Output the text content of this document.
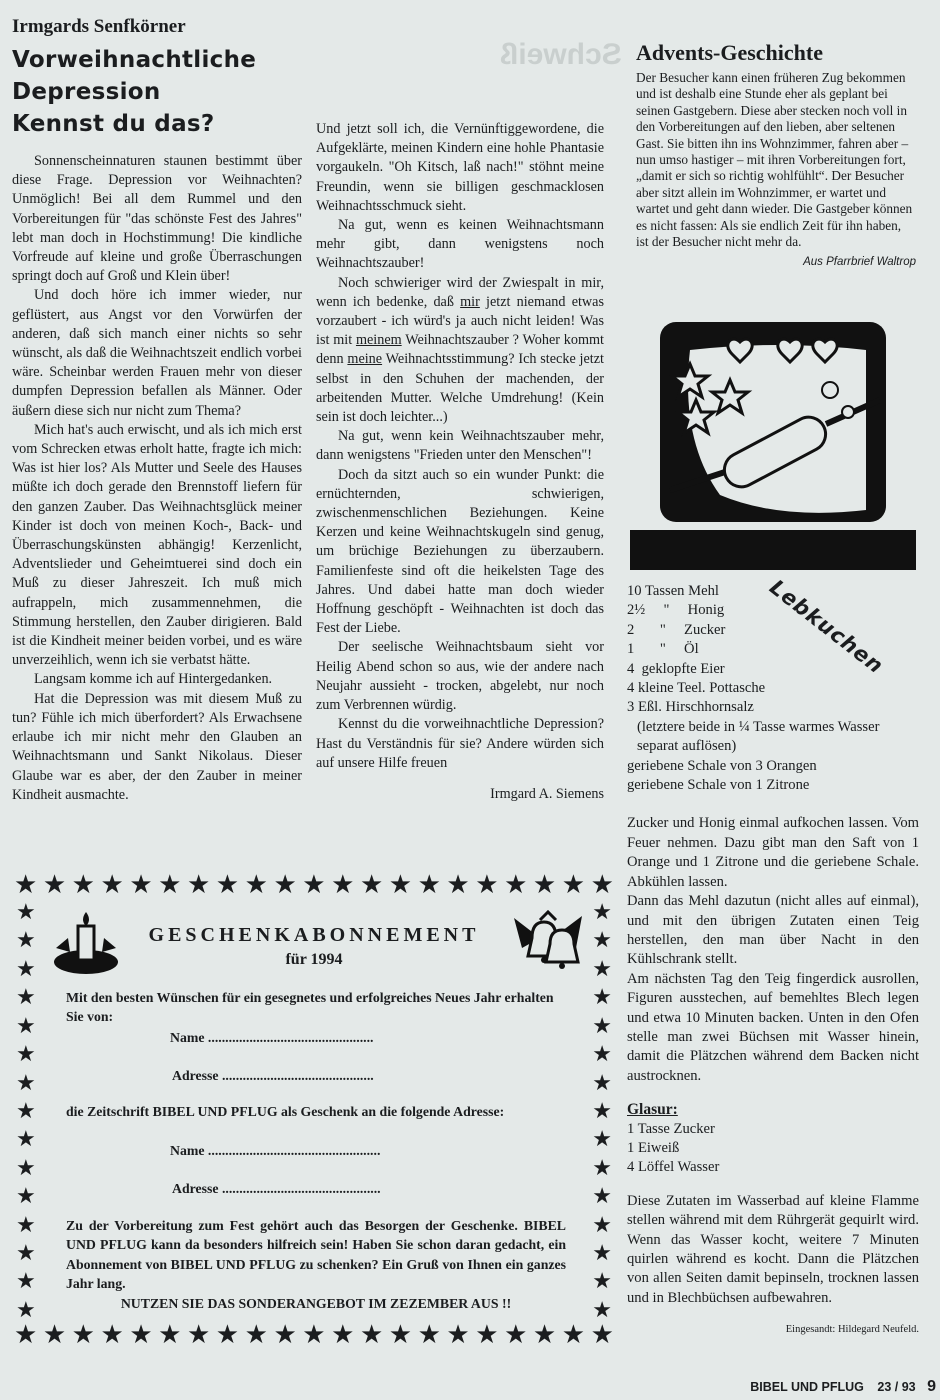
Schweiß
Irmgards Senfkörner
Vorweihnachtliche Depression
Kennst du das?

Sonnenscheinnaturen staunen bestimmt über diese Frage. Depression vor Weihnachten? Unmöglich! Bei all dem Rummel und den Vorbereitungen für "das schönste Fest des Jahres" lebt man doch in Hochstimmung! Die kindliche Vorfreude auf kleine und große Überraschungen springt doch auf Groß und Klein über!

Und doch höre ich immer wieder, nur geflüstert, aus Angst vor den Vorwürfen der anderen, daß sich manch einer nichts so sehr wünscht, als daß die Weihnachtszeit endlich vorbei wäre. Scheinbar werden Frauen mehr von dieser dumpfen Depression befallen als Männer. Oder äußern diese sich nur nicht zum Thema?

Mich hat's auch erwischt, und als ich mich erst vom Schrecken etwas erholt hatte, fragte ich mich: Was ist hier los? Als Mutter und Seele des Hauses müßte ich doch gerade den Brennstoff liefern für den ganzen Zauber. Das Weihnachtsglück meiner Kinder ist doch von meinen Koch-, Back- und Überraschungskünsten abhängig! Kerzenlicht, Adventslieder und Geheimtuerei sind doch ein Muß zu dieser Jahreszeit. Ich muß mich aufrappeln, mich zusammennehmen, die Stimmung herstellen, den Zauber dirigieren. Bald ist die Kindheit meiner beiden vorbei, und es wäre unverzeihlich, wenn ich sie verbatst hätte.

Langsam komme ich auf Hintergedanken.

Hat die Depression was mit diesem Muß zu tun? Fühle ich mich überfordert? Als Erwachsene erlaube ich mir nicht mehr den Glauben an Weihnachtsmann und Sankt Nikolaus. Dieser Glaube war es aber, der den Zauber in meiner Kindheit ausmachte.

Und jetzt soll ich, die Vernünftiggewordene, die Aufgeklärte, meinen Kindern eine hohle Phantasie vorgaukeln. "Oh Kitsch, laß nach!" stöhnt meine Freundin, wenn sie billigen geschmacklosen Weihnachtsschmuck sieht.

Na gut, wenn es keinen Weihnachtsmann mehr gibt, dann wenigstens noch Weihnachtszauber!

Noch schwieriger wird der Zwiespalt in mir, wenn ich bedenke, daß mir jetzt niemand etwas vorzaubert - ich würd's ja auch nicht leiden! Was ist mit meinem Weihnachtszauber ? Woher kommt denn meine Weihnachtsstimmung? Ich stecke jetzt selbst in den Schuhen der machenden, der arbeitenden Mutter. Welche Umdrehung! (Kein sein ist doch leichter...)

Na gut, wenn kein Weihnachtszauber mehr, dann wenigstens "Frieden unter den Menschen"!

Doch da sitzt auch so ein wunder Punkt: die ernüchternden, schwierigen, zwischenmenschlichen Beziehungen. Keine Kerzen und keine Weihnachtskugeln sind genug, um brüchige Beziehungen zu überzaubern. Familienfeste sind oft die heikelsten Tage des Jahres. Und dabei hatte man doch wieder Hoffnung geschöpft - Weihnachten ist doch das Fest der Liebe.

Der seelische Weihnachtsbaum sieht vor Heilig Abend schon so aus, wie der andere nach Neujahr aussieht - trocken, abgelebt, nur noch zum Verbrennen würdig.

Kennst du die vorweihnachtliche Depression? Hast du Verständnis für sie? Andere würden sich auf unsere Hilfe freuen

Irmgard A. Siemens

Advents-Geschichte

Der Besucher kann einen früheren Zug bekommen und ist deshalb eine Stunde eher als geplant bei seinen Gastgebern. Diese aber stecken noch voll in den Vorbereitungen auf den lieben, aber seltenen Gast. Sie bitten ihn ins Wohnzimmer, fahren aber – nun umso hastiger – mit ihren Vorbereitungen fort, „damit er sich so richtig wohlfühlt“. Der Besucher aber sitzt allein im Wohnzimmer, er wartet und wartet und geht dann wieder. Die Gastgeber können es nicht fassen: Als sie endlich Zeit für ihn haben, ist der Besucher nicht mehr da.

Aus Pfarrbrief Waltrop

Lebkuchen
10 Tassen Mehl
2½     "     Honig
2       "     Zucker
1       "     Öl
4  geklopfte Eier
4 kleine Teel. Pottasche
3 Eßl. Hirschhornsalz
(letztere beide in ¼ Tasse warmes Wasser separat auflösen)
geriebene Schale von 3 Orangen
geriebene Schale von 1 Zitrone

Zucker und Honig einmal aufkochen lassen. Vom Feuer nehmen. Dazu gibt man den Saft von 1 Orange und 1 Zitrone und die geriebene Schale. Abkühlen lassen.

Dann das Mehl dazutun (nicht alles auf einmal), und mit den übrigen Zutaten einen Teig herstellen, den man über Nacht in den Kühlschrank stellt.

Am nächsten Tag den Teig fingerdick ausrollen, Figuren ausstechen, auf bemehltes Blech legen und etwa 10 Minuten backen. Unten in den Ofen stelle man zwei Büchsen mit Wasser hinein, damit die Plätzchen während dem Backen nicht austrocknen.

Glasur:

1 Tasse Zucker
1 Eiweiß
4 Löffel Wasser

Diese Zutaten im Wasserbad auf kleine Flamme stellen während mit dem Rührgerät gequirlt wird. Wenn das Wasser kocht, weitere 7 Minuten quirlen während es kocht. Dann die Plätzchen von allen Seiten damit bepinseln, trocknen lassen und in Blechbüchsen aufbewahren.

Eingesandt: Hildegard Neufeld.
★ ★ ★ ★ ★ ★ ★ ★ ★ ★ ★ ★ ★ ★ ★ ★ ★ ★ ★ ★ ★
★
★
★
★
★
★
★
★
★
★
★
★
★
★
★
★
★
★
★
★
★
★
★
★
★
★
★
★
★
★
★ ★ ★ ★ ★ ★ ★ ★ ★ ★ ★ ★ ★ ★ ★ ★ ★ ★ ★ ★ ★
GESCHENKABONNEMENT
für 1994
Mit den besten Wünschen für ein gesegnetes und erfolgreiches Neues Jahr erhalten Sie von:
Name ................................................
Adresse ............................................
die Zeitschrift BIBEL UND PFLUG als Geschenk an die folgende Adresse:
Name ..................................................
Adresse ..............................................
Zu der Vorbereitung zum Fest gehört auch das Besorgen der Geschenke. BIBEL UND PFLUG kann da besonders hilfreich sein! Haben Sie schon daran gedacht, ein Abonnement von BIBEL UND PFLUG zu schenken? Ein Gruß von Ihnen ein ganzes Jahr lang.
NUTZEN SIE DAS SONDERANGEBOT IM ZEZEMBER AUS !!
BIBEL UND PFLUG 23 / 93 9
